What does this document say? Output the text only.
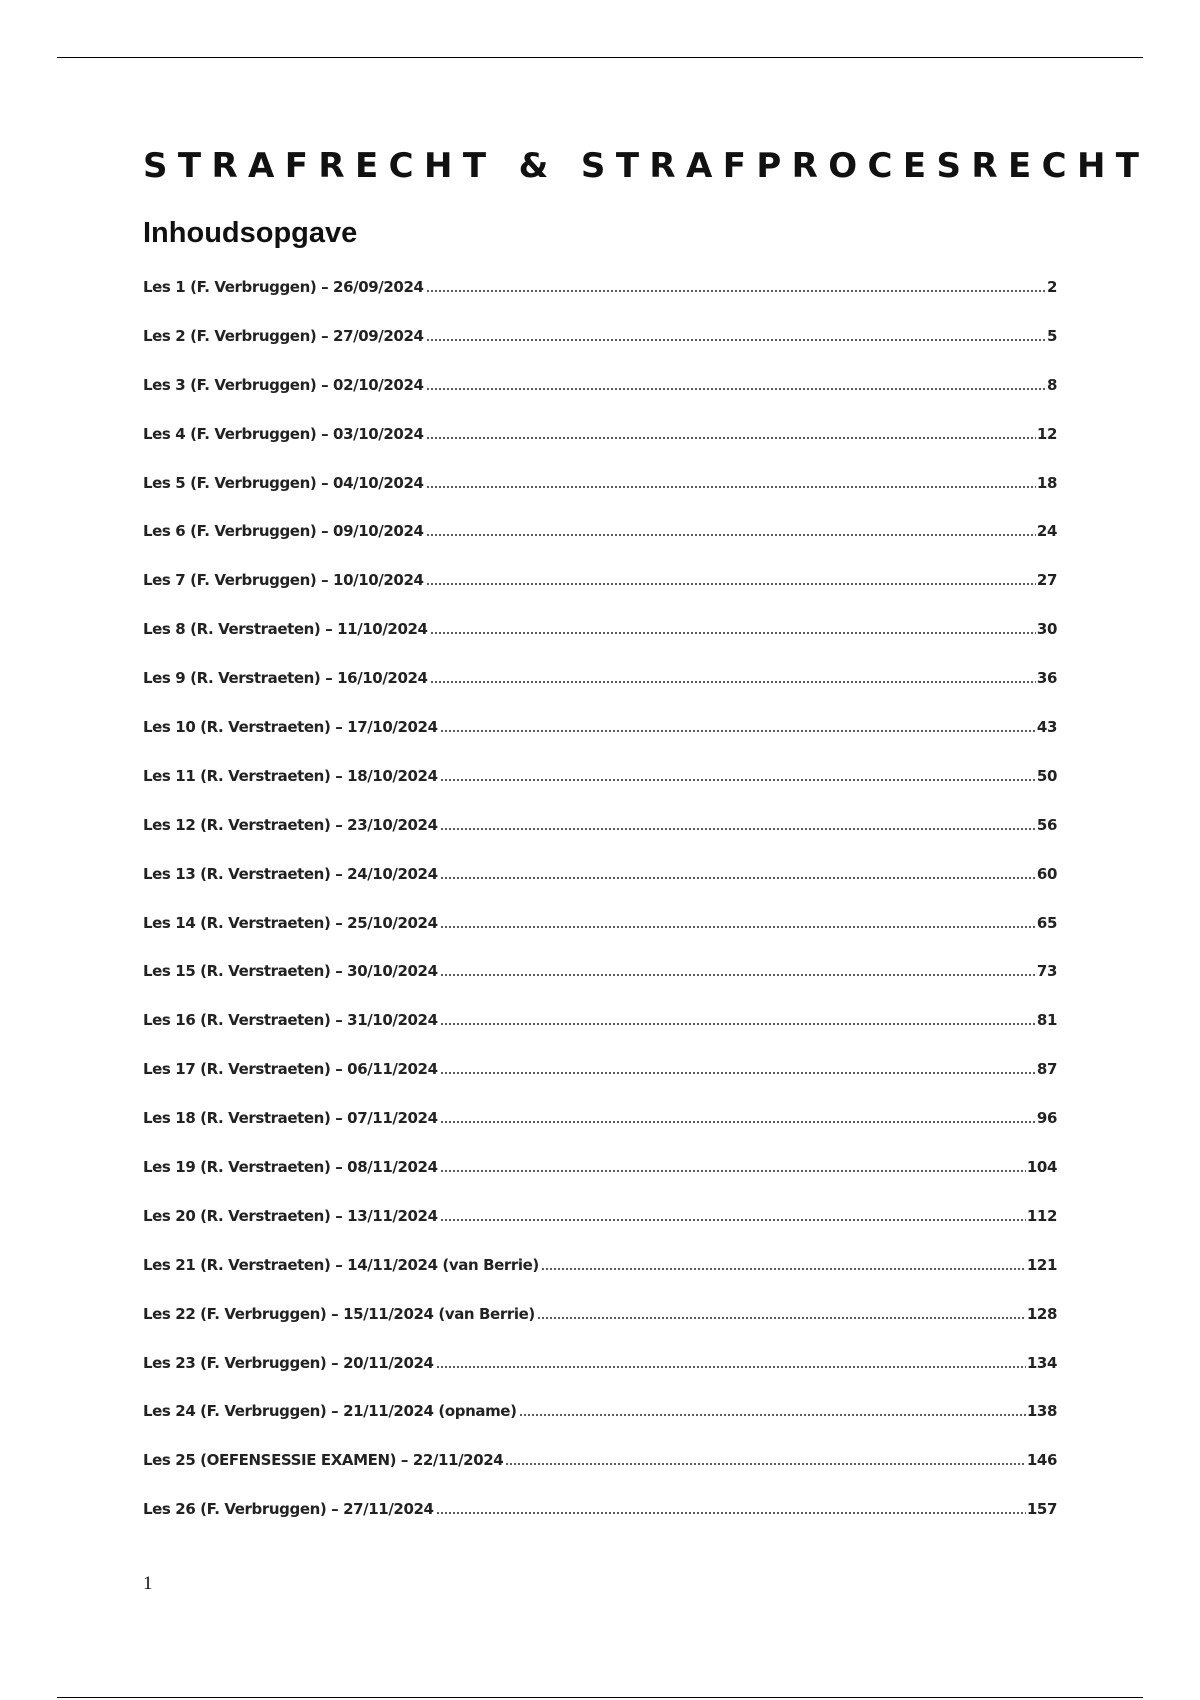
STRAFRECHT & STRAFPROCESRECHT
Inhoudsopgave
Les 1 (F. Verbruggen) – 26/09/2024	2
Les 2 (F. Verbruggen) – 27/09/2024	5
Les 3 (F. Verbruggen) – 02/10/2024	8
Les 4 (F. Verbruggen) – 03/10/2024	12
Les 5 (F. Verbruggen) – 04/10/2024	18
Les 6 (F. Verbruggen) – 09/10/2024	24
Les 7 (F. Verbruggen) – 10/10/2024	27
Les 8 (R. Verstraeten) – 11/10/2024	30
Les 9 (R. Verstraeten) – 16/10/2024	36
Les 10 (R. Verstraeten) – 17/10/2024	43
Les 11 (R. Verstraeten) – 18/10/2024	50
Les 12 (R. Verstraeten) – 23/10/2024	56
Les 13 (R. Verstraeten) – 24/10/2024	60
Les 14 (R. Verstraeten) – 25/10/2024	65
Les 15 (R. Verstraeten) – 30/10/2024	73
Les 16 (R. Verstraeten) – 31/10/2024	81
Les 17 (R. Verstraeten) – 06/11/2024	87
Les 18 (R. Verstraeten) – 07/11/2024	96
Les 19 (R. Verstraeten) – 08/11/2024	104
Les 20 (R. Verstraeten) – 13/11/2024	112
Les 21 (R. Verstraeten) – 14/11/2024 (van Berrie)	121
Les 22 (F. Verbruggen) – 15/11/2024 (van Berrie)	128
Les 23 (F. Verbruggen) – 20/11/2024	134
Les 24 (F. Verbruggen) – 21/11/2024 (opname)	138
Les 25 (OEFENSESSIE EXAMEN) – 22/11/2024	146
Les 26 (F. Verbruggen) – 27/11/2024	157
1
